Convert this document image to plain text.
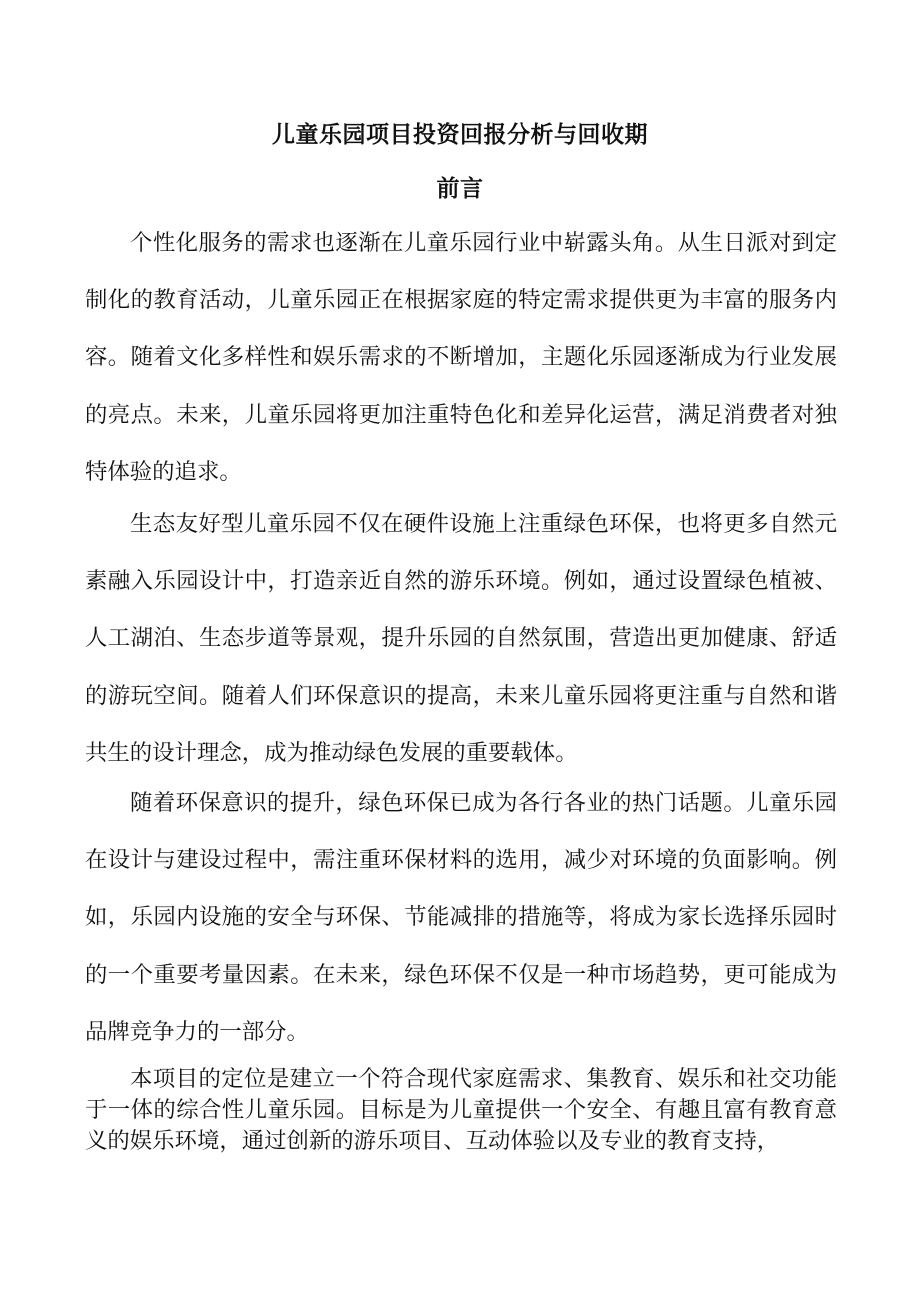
儿童乐园项目投资回报分析与回收期
前言

个性化服务的需求也逐渐在儿童乐园行业中崭露头角。从生日派对到定制化的教育活动，儿童乐园正在根据家庭的特定需求提供更为丰富的服务内容。随着文化多样性和娱乐需求的不断增加，主题化乐园逐渐成为行业发展的亮点。未来，儿童乐园将更加注重特色化和差异化运营，满足消费者对独特体验的追求。

生态友好型儿童乐园不仅在硬件设施上注重绿色环保，也将更多自然元素融入乐园设计中，打造亲近自然的游乐环境。例如，通过设置绿色植被、人工湖泊、生态步道等景观，提升乐园的自然氛围，营造出更加健康、舒适的游玩空间。随着人们环保意识的提高，未来儿童乐园将更注重与自然和谐共生的设计理念，成为推动绿色发展的重要载体。

随着环保意识的提升，绿色环保已成为各行各业的热门话题。儿童乐园在设计与建设过程中，需注重环保材料的选用，减少对环境的负面影响。例如，乐园内设施的安全与环保、节能减排的措施等，将成为家长选择乐园时的一个重要考量因素。在未来，绿色环保不仅是一种市场趋势，更可能成为品牌竞争力的一部分。

本项目的定位是建立一个符合现代家庭需求、集教育、娱乐和社交功能于一体的综合性儿童乐园。目标是为儿童提供一个安全、有趣且富有教育意义的娱乐环境，通过创新的游乐项目、互动体验以及专业的教育支持，
